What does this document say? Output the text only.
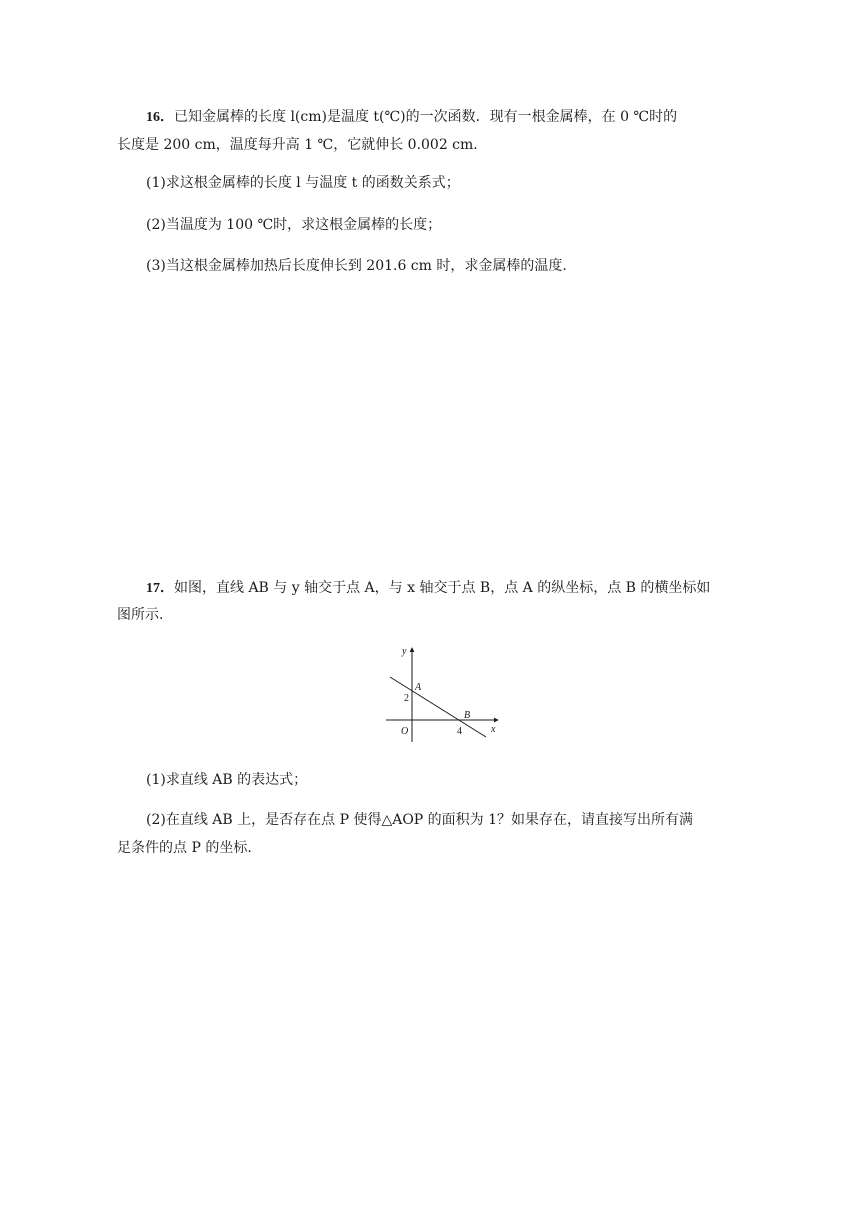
16．已知金属棒的长度 l(cm)是温度 t(℃)的一次函数．现有一根金属棒，在 0 ℃时的
长度是 200 cm，温度每升高 1 ℃，它就伸长 0.002 cm.
(1)求这根金属棒的长度 l 与温度 t 的函数关系式；
(2)当温度为 100 ℃时，求这根金属棒的长度；
(3)当这根金属棒加热后长度伸长到 201.6 cm 时，求金属棒的温度.
17．如图，直线 AB 与 y 轴交于点 A，与 x 轴交于点 B，点 A 的纵坐标，点 B 的横坐标如
图所示.
y
x
A
2
B
O	4
(1)求直线 AB 的表达式；
(2)在直线 AB 上，是否存在点 P 使得△AOP 的面积为 1？如果存在，请直接写出所有满
足条件的点 P 的坐标.
